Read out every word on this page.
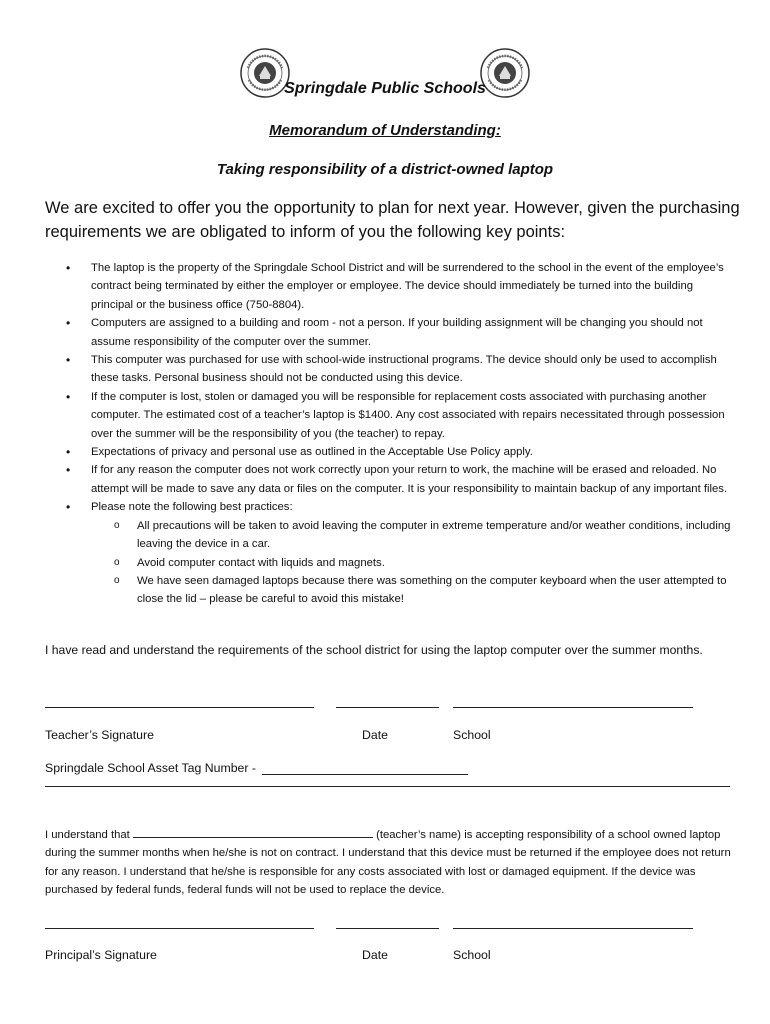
Springdale Public Schools
Memorandum of Understanding:
Taking responsibility of a district-owned laptop

We are excited to offer you the opportunity to plan for next year. However, given the purchasing requirements we are obligated to inform of you the following key points:

• The laptop is the property of the Springdale School District and will be surrendered to the school in the event of the employee’s contract being terminated by either the employer or employee. The device should immediately be turned into the building principal or the business office (750-8804).
• Computers are assigned to a building and room - not a person. If your building assignment will be changing you should not assume responsibility of the computer over the summer.
• This computer was purchased for use with school-wide instructional programs. The device should only be used to accomplish these tasks. Personal business should not be conducted using this device.
• If the computer is lost, stolen or damaged you will be responsible for replacement costs associated with purchasing another computer. The estimated cost of a teacher’s laptop is $1400. Any cost associated with repairs necessitated through possession over the summer will be the responsibility of you (the teacher) to repay.
• Expectations of privacy and personal use as outlined in the Acceptable Use Policy apply.
• If for any reason the computer does not work correctly upon your return to work, the machine will be erased and reloaded. No attempt will be made to save any data or files on the computer. It is your responsibility to maintain backup of any important files.
• Please note the following best practices:
o All precautions will be taken to avoid leaving the computer in extreme temperature and/or weather conditions, including leaving the device in a car.
o Avoid computer contact with liquids and magnets.
o We have seen damaged laptops because there was something on the computer keyboard when the user attempted to close the lid – please be careful to avoid this mistake!

I have read and understand the requirements of the school district for using the laptop computer over the summer months.

Teacher’s Signature	Date	School

Springdale School Asset Tag Number -

I understand that	(teacher’s name) is accepting responsibility of a school owned laptop during the summer months when he/she is not on contract. I understand that this device must be returned if the employee does not return for any reason. I understand that he/she is responsible for any costs associated with lost or damaged equipment. If the device was purchased by federal funds, federal funds will not be used to replace the device.

Principal’s Signature	Date	School
